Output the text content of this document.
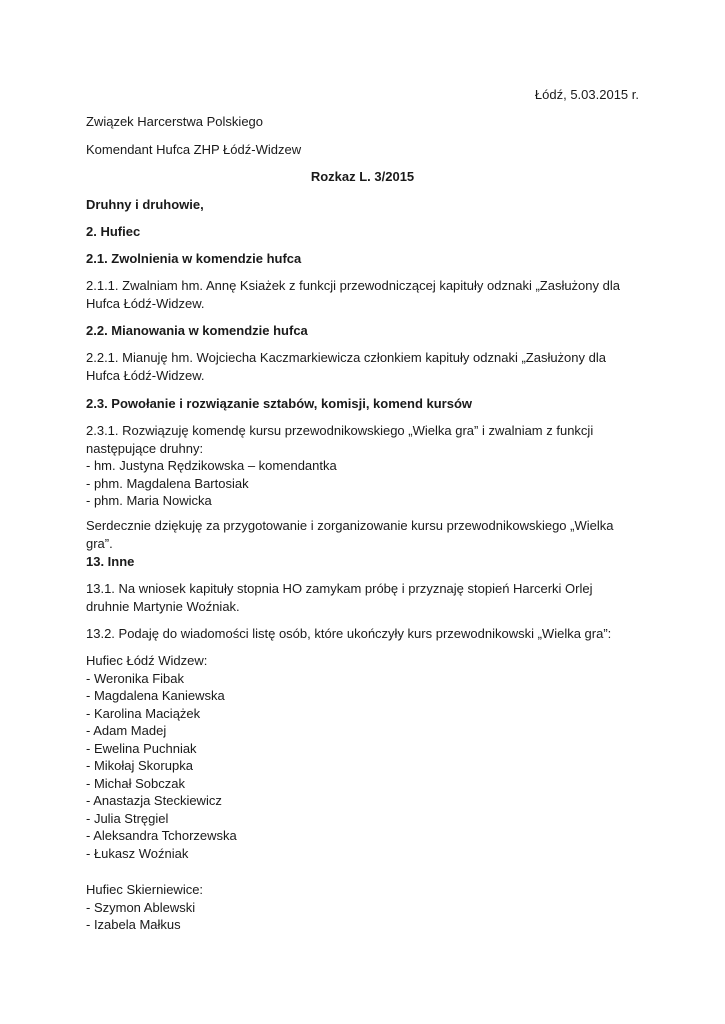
Łódź, 5.03.2015 r.

Związek Harcerstwa Polskiego

Komendant Hufca ZHP Łódź-Widzew

Rozkaz L. 3/2015

Druhny i druhowie,

2. Hufiec

2.1. Zwolnienia w komendzie hufca

2.1.1. Zwalniam hm. Annę Ksiażek z funkcji przewodniczącej kapituły odznaki „Zasłużony dla Hufca Łódź-Widzew.

2.2. Mianowania w komendzie hufca

2.2.1. Mianuję hm. Wojciecha Kaczmarkiewicza członkiem kapituły odznaki „Zasłużony dla Hufca Łódź-Widzew.

2.3. Powołanie i rozwiązanie sztabów, komisji, komend kursów

2.3.1. Rozwiązuję komendę kursu przewodnikowskiego „Wielka gra” i zwalniam z funkcji następujące druhny:

- hm. Justyna Rędzikowska – komendantka
- phm. Magdalena Bartosiak
- phm. Maria Nowicka

Serdecznie dziękuję za przygotowanie i zorganizowanie kursu przewodnikowskiego „Wielka gra”.

13. Inne

13.1. Na wniosek kapituły stopnia HO zamykam próbę i przyznaję stopień Harcerki Orlej druhnie Martynie Woźniak.

13.2. Podaję do wiadomości listę osób, które ukończyły kurs przewodnikowski „Wielka gra”:

Hufiec Łódź Widzew:

- Weronika Fibak
- Magdalena Kaniewska
- Karolina Maciążek
- Adam Madej
- Ewelina Puchniak
- Mikołaj Skorupka
- Michał Sobczak
- Anastazja Steckiewicz
- Julia Stręgiel
- Aleksandra Tchorzewska
- Łukasz Woźniak

Hufiec Skierniewice:

- Szymon Ablewski
- Izabela Małkus
